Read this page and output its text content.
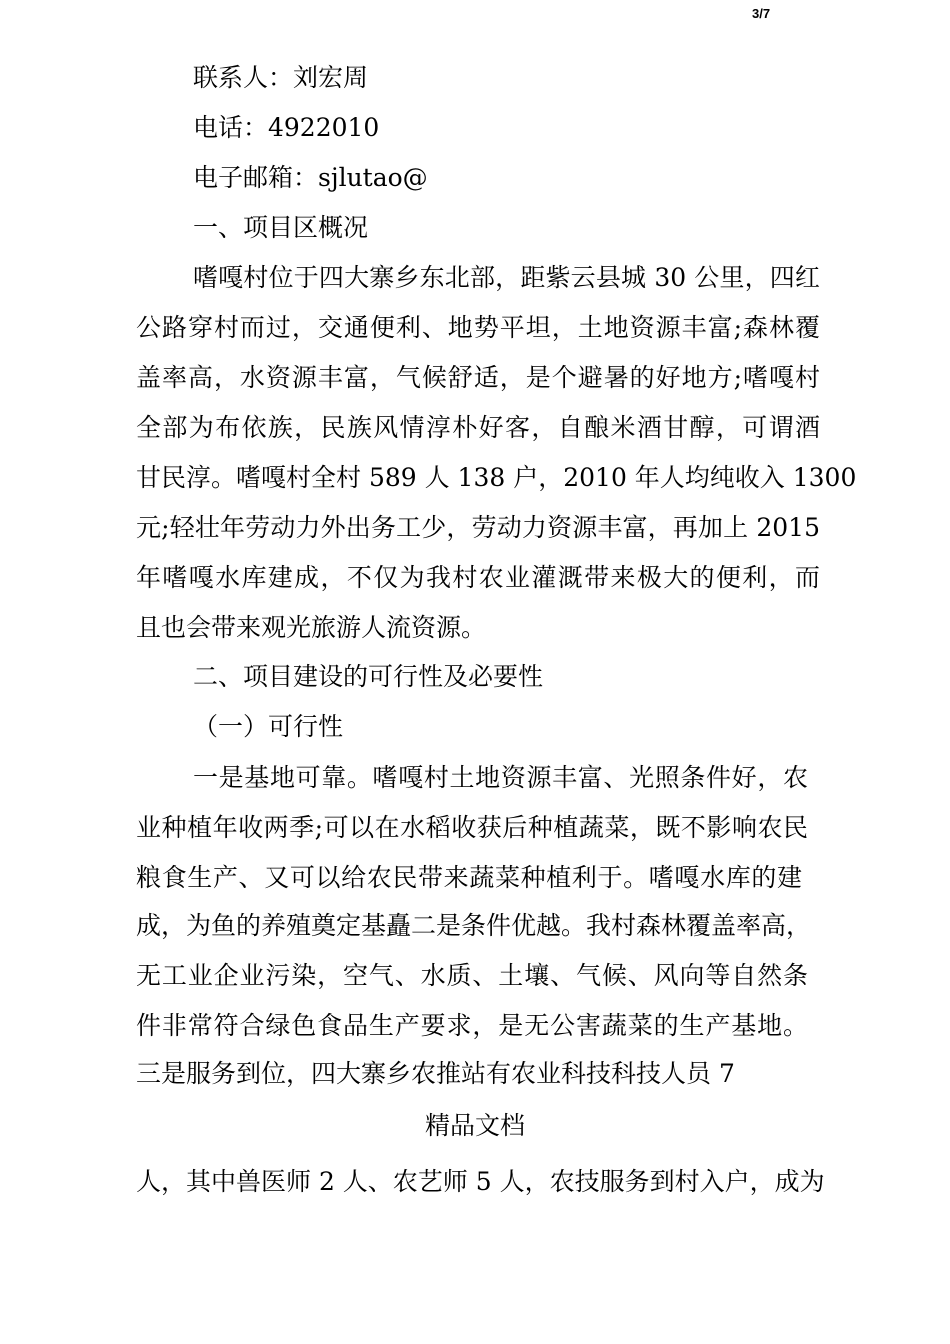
3/7
联系人：刘宏周
电话：4922010
电子邮箱：sjlutao@
一、项目区概况
嗜嘎村位于四大寨乡东北部，距紫云县城 30 公里，四红
公路穿村而过，交通便利、地势平坦，土地资源丰富;森林覆
盖率高，水资源丰富，气候舒适，是个避暑的好地方;嗜嘎村
全部为布依族，民族风情淳朴好客，自酿米酒甘醇，可谓酒
甘民淳。嗜嘎村全村 589 人 138 户，2010 年人均纯收入 1300
元;轻壮年劳动力外出务工少，劳动力资源丰富，再加上 2015
年嗜嘎水库建成，不仅为我村农业灌溉带来极大的便利，而
且也会带来观光旅游人流资源。
二、项目建设的可行性及必要性
（一）可行性
一是基地可靠。嗜嘎村土地资源丰富、光照条件好，农
业种植年收两季;可以在水稻收获后种植蔬菜，既不影响农民
粮食生产、又可以给农民带来蔬菜种植利于。嗜嘎水库的建
成，为鱼的养殖奠定基矗二是条件优越。我村森林覆盖率高，
无工业企业污染，空气、水质、土壤、气候、风向等自然条
件非常符合绿色食品生产要求，是无公害蔬菜的生产基地。
三是服务到位，四大寨乡农推站有农业科技科技人员 7
精品文档
人，其中兽医师 2 人、农艺师 5 人，农技服务到村入户，成为
